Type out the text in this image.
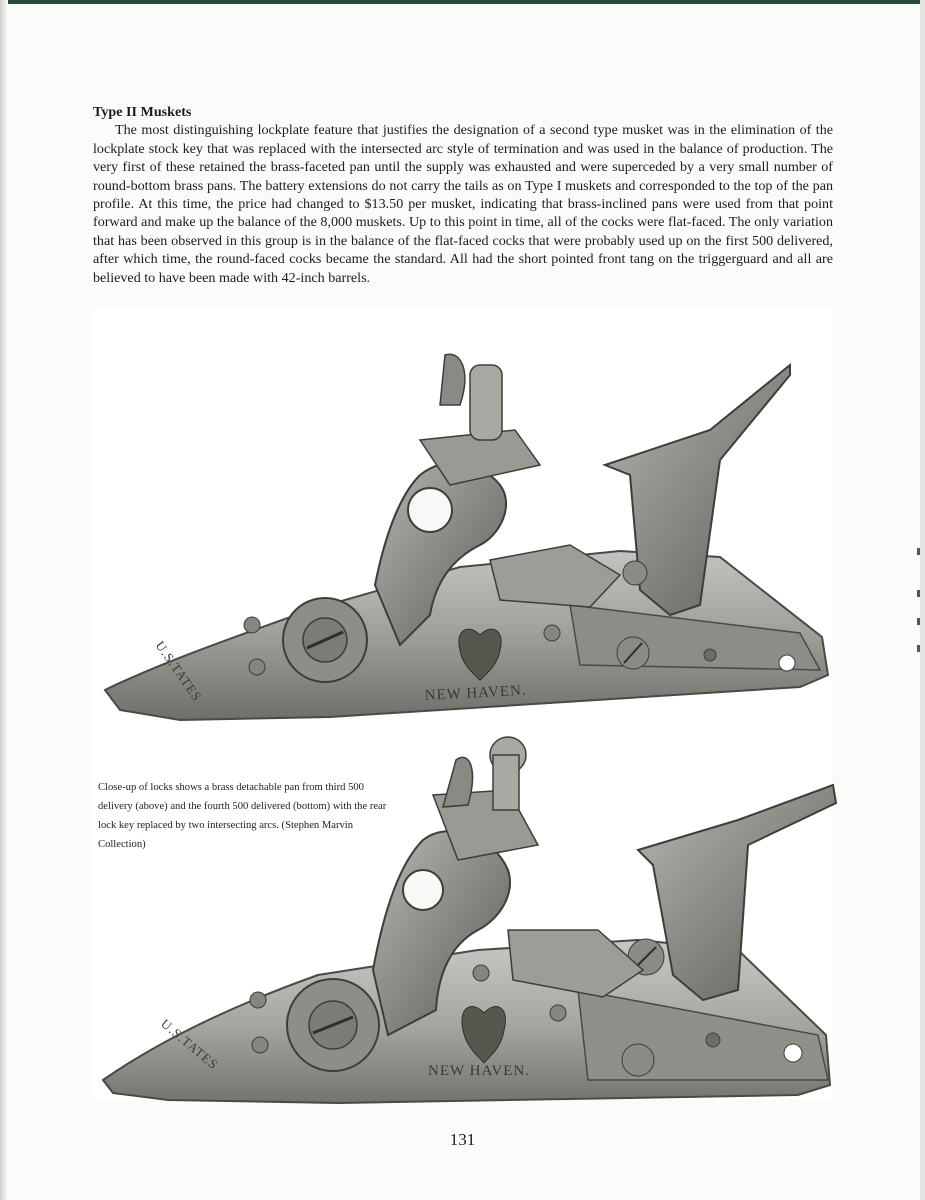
Type II Muskets

The most distinguishing lockplate feature that justifies the designation of a second type musket was in the elimination of the lockplate stock key that was replaced with the intersected arc style of termination and was used in the balance of production. The very first of these retained the brass-faceted pan until the supply was exhausted and were superceded by a very small number of round-bottom brass pans. The battery extensions do not carry the tails as on Type I muskets and corresponded to the top of the pan profile. At this time, the price had changed to $13.50 per musket, indicating that brass-inclined pans were used from that point forward and make up the balance of the 8,000 muskets. Up to this point in time, all of the cocks were flat-faced. The only variation that has been observed in this group is in the balance of the flat-faced cocks that were probably used up on the first 500 delivered, after which time, the round-faced cocks became the standard. All had the short pointed front tang on the triggerguard and all are believed to have been made with 42-inch barrels.

NEW HAVEN.
U.S.TATES
NEW HAVEN.
U.S.TATES
Close-up of locks shows a brass detachable pan from third 500 delivery (above) and the fourth 500 delivered (bottom) with the rear lock key replaced by two intersecting arcs. (Stephen Marvin Collection)
131
